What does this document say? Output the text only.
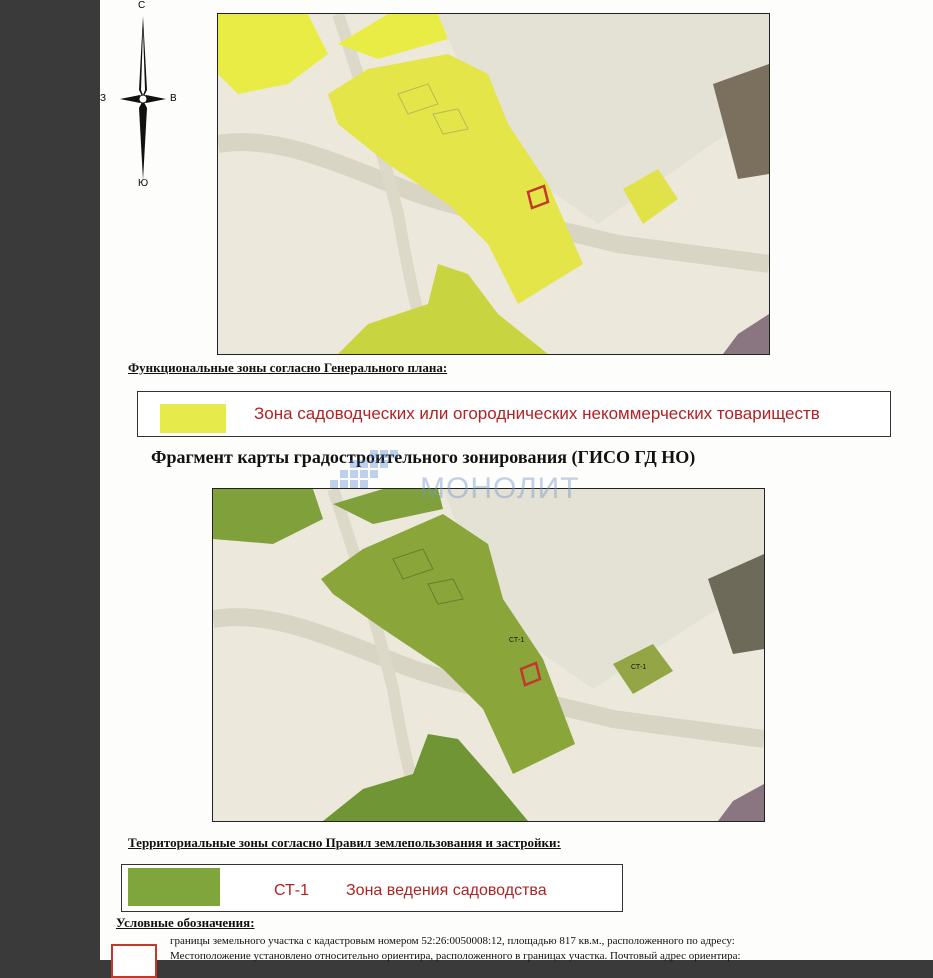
С
Ю
З	В
Функциональные зоны согласно Генерального плана:
Зона садоводческих или огороднических некоммерческих товариществ
Фрагмент карты градостроительного зонирования (ГИСО ГД НО)
СТ-1
СТ-1
МОНОЛИТ
Территориальные зоны согласно Правил землепользования и застройки:
СТ-1 Зона ведения садоводства
Условные обозначения:
границы земельного участка с кадастровым номером 52:26:0050008:12, площадью 817 кв.м., расположенного по адресу:
Местоположение установлено относительно ориентира, расположенного в границах участка. Почтовый адрес ориентира:
